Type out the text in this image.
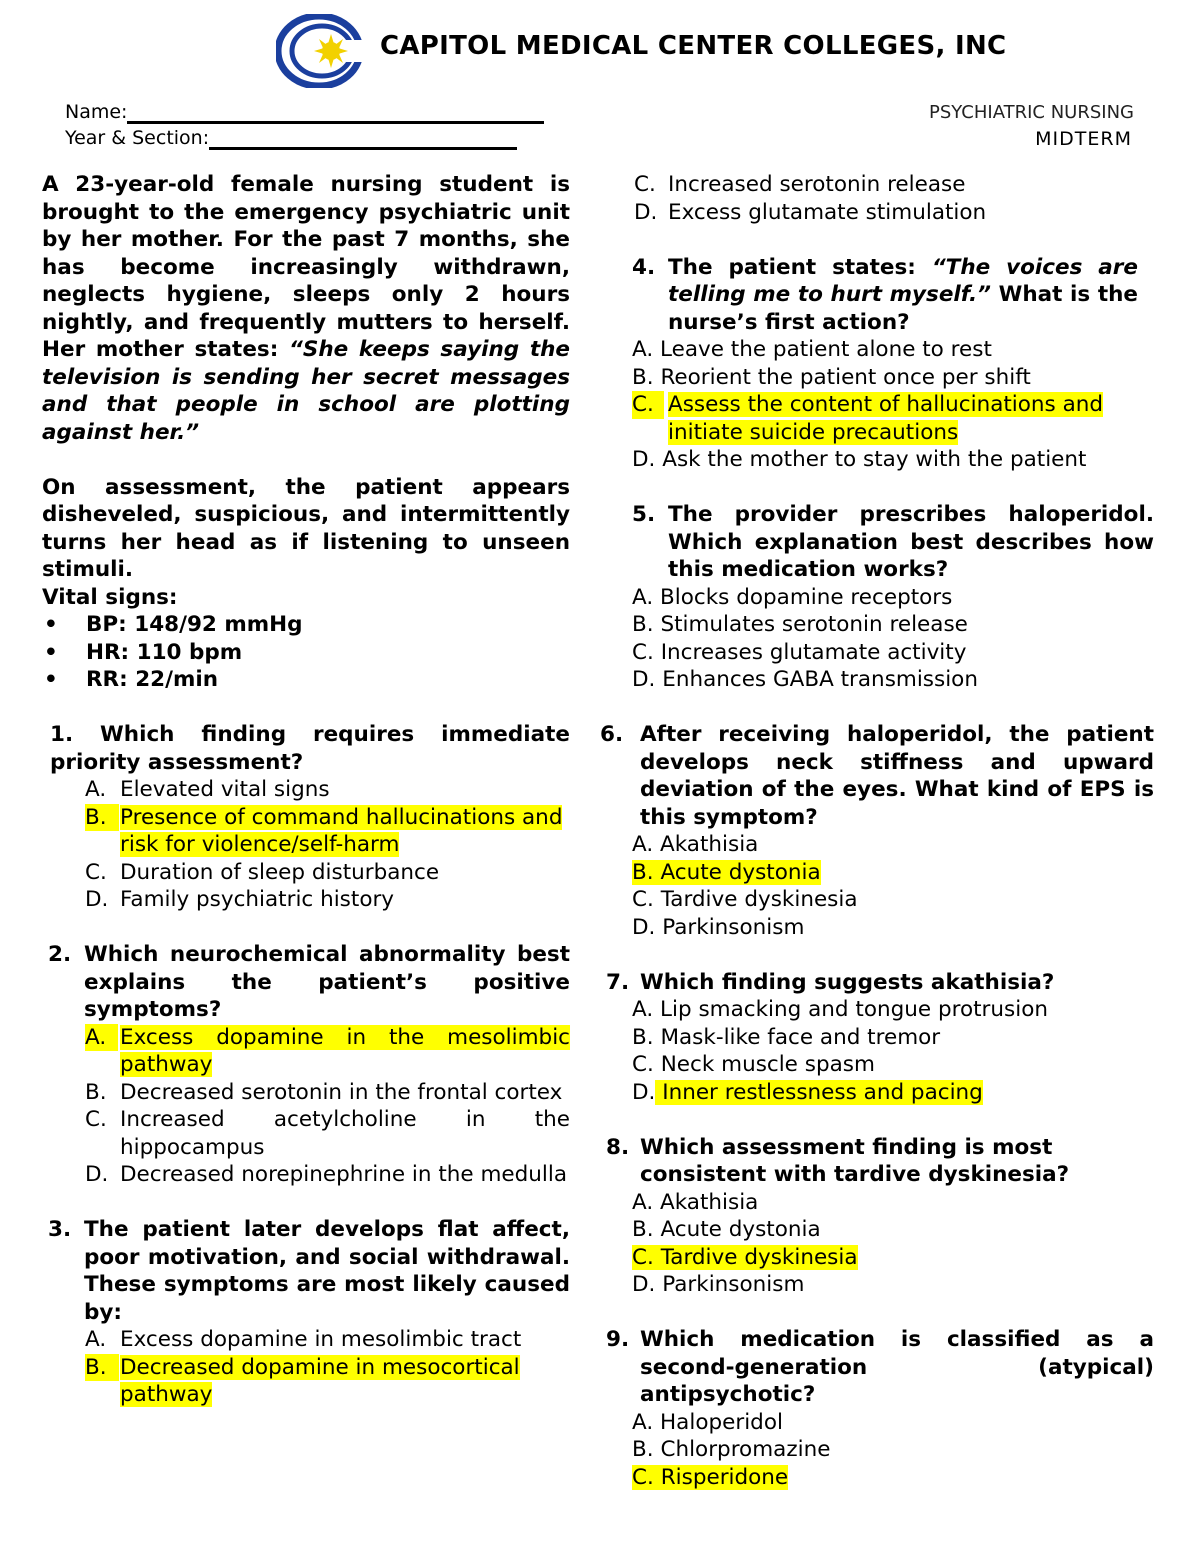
CAPITOL MEDICAL CENTER COLLEGES, INC
Name:
Year & Section:
PSYCHIATRIC NURSING
MIDTERM

A 23-year-old female nursing student is brought to the emergency psychiatric unit by her mother. For the past 7 months, she has become increasingly withdrawn, neglects hygiene, sleeps only 2 hours nightly, and frequently mutters to herself. Her mother states: “She keeps saying the television is sending her secret messages and that people in school are plotting against her.”

On assessment, the patient appears disheveled, suspicious, and intermittently turns her head as if listening to unseen stimuli.

Vital signs:

• BP: 148/92 mmHg
• HR: 110 bpm
• RR: 22/min
1. Which finding requires immediate priority assessment?
A. Elevated vital signs
B. Presence of command hallucinations and risk for violence/self-harm
C. Duration of sleep disturbance
D. Family psychiatric history
2. Which neurochemical abnormality best explains the patient’s positive symptoms?
A. Excess dopamine in the mesolimbic pathway
B. Decreased serotonin in the frontal cortex
C. Increased acetylcholine in the hippocampus
D. Decreased norepinephrine in the medulla
3. The patient later develops flat affect, poor motivation, and social withdrawal. These symptoms are most likely caused by:
A. Excess dopamine in mesolimbic tract
B. Decreased dopamine in mesocortical pathway
C. Increased serotonin release
D. Excess glutamate stimulation
4. The patient states: “The voices are telling me to hurt myself.” What is the nurse’s first action?
A. Leave the patient alone to rest
B. Reorient the patient once per shift
C. Assess the content of hallucinations and initiate suicide precautions
D. Ask the mother to stay with the patient
5. The provider prescribes haloperidol. Which explanation best describes how this medication works?
A. Blocks dopamine receptors
B. Stimulates serotonin release
C. Increases glutamate activity
D. Enhances GABA transmission
6. After receiving haloperidol, the patient develops neck stiffness and upward deviation of the eyes. What kind of EPS is this symptom?
A. Akathisia
B. Acute dystonia
C. Tardive dyskinesia
D. Parkinsonism
7. Which finding suggests akathisia?
A. Lip smacking and tongue protrusion
B. Mask-like face and tremor
C. Neck muscle spasm
D. Inner restlessness and pacing
8. Which assessment finding is most consistent with tardive dyskinesia?
A. Akathisia
B. Acute dystonia
C. Tardive dyskinesia
D. Parkinsonism
9. Which medication is classified as a second-generation (atypical) antipsychotic?
A. Haloperidol
B. Chlorpromazine
C. Risperidone
